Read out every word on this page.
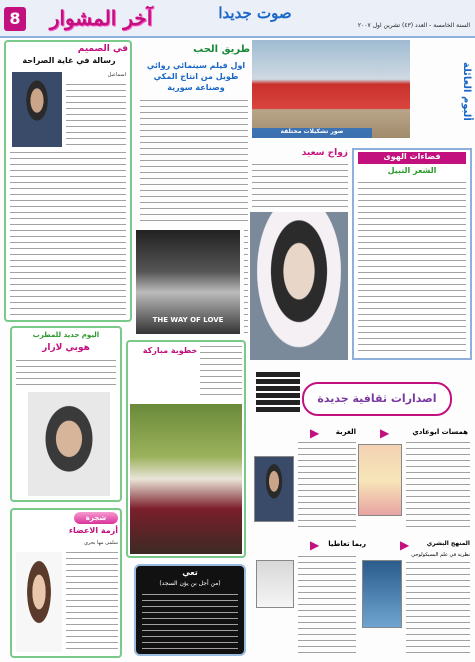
آخر المشوار
8	صوت جديدا
السنة الخامسة - العدد (٤٣) تشرين اول ٢٠٠٧
في الصميم
رسالة في غاية الصراحة
اسماعيل
اليوم جديد للمطرب
هوبي لازار
شجرة
أزمة الاعضاء
سلمى مها بحري
طريق الحب
اول فيلم سينمائي روائي طويل من انتاج المكي وصناعة سورية
THE WAY OF LOVE
خطوبة مباركة
تعي
(من أجل بن يؤن السجد)
صور تشكيلات مختلفة
ألبوم العائلة
زواج سعيد	فضاءات الهوى
الشعر النبيل
اصدارات ثقافية جديدة
▶	الغربة ▶	همسات ابوعادي
▶	ربما تعاطيا	▶	المنهج البشري
نظرية في علم البسيكولوجي
